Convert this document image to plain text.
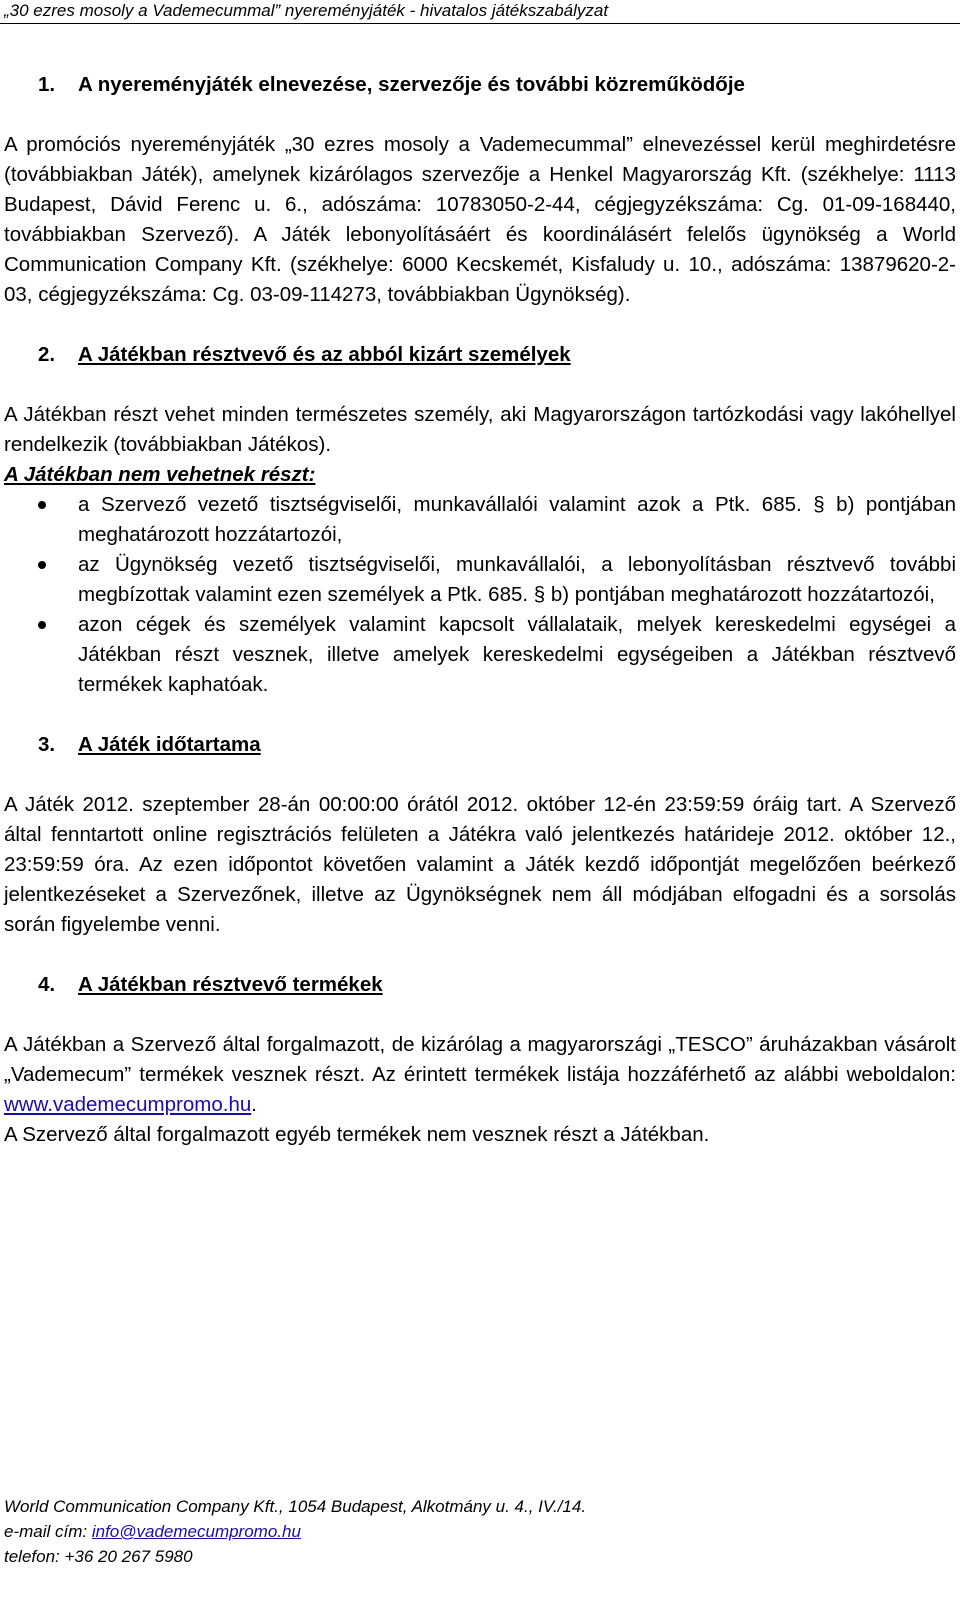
„30 ezres mosoly a Vademecummal” nyereményjáték - hivatalos játékszabályzat
1. A nyereményjáték elnevezése, szervezője és további közreműködője

A promóciós nyereményjáték „30 ezres mosoly a Vademecummal” elnevezéssel kerül meghirdetésre (továbbiakban Játék), amelynek kizárólagos szervezője a Henkel Magyarország Kft. (székhelye: 1113 Budapest, Dávid Ferenc u. 6., adószáma: 10783050-2-44, cégjegyzékszáma: Cg. 01-09-168440, továbbiakban Szervező). A Játék lebonyolításáért és koordinálásért felelős ügynökség a World Communication Company Kft. (székhelye: 6000 Kecskemét, Kisfaludy u. 10., adószáma: 13879620-2-03, cégjegyzékszáma: Cg. 03-09-114273, továbbiakban Ügynökség).

2. A Játékban résztvevő és az abból kizárt személyek

A Játékban részt vehet minden természetes személy, aki Magyarországon tartózkodási vagy lakóhellyel rendelkezik (továbbiakban Játékos).

A Játékban nem vehetnek részt:

a Szervező vezető tisztségviselői, munkavállalói valamint azok a Ptk. 685. § b) pontjában meghatározott hozzátartozói,
az Ügynökség vezető tisztségviselői, munkavállalói, a lebonyolításban résztvevő további megbízottak valamint ezen személyek a Ptk. 685. § b) pontjában meghatározott hozzátartozói,
azon cégek és személyek valamint kapcsolt vállalataik, melyek kereskedelmi egységei a Játékban részt vesznek, illetve amelyek kereskedelmi egységeiben a Játékban résztvevő termékek kaphatóak.
3. A Játék időtartama

A Játék 2012. szeptember 28-án 00:00:00 órától 2012. október 12-én 23:59:59 óráig tart. A Szervező által fenntartott online regisztrációs felületen a Játékra való jelentkezés határideje 2012. október 12., 23:59:59 óra. Az ezen időpontot követően valamint a Játék kezdő időpontját megelőzően beérkező jelentkezéseket a Szervezőnek, illetve az Ügynökségnek nem áll módjában elfogadni és a sorsolás során figyelembe venni.

4. A Játékban résztvevő termékek

A Játékban a Szervező által forgalmazott, de kizárólag a magyarországi „TESCO” áruházakban vásárolt „Vademecum” termékek vesznek részt. Az érintett termékek listája hozzáférhető az alábbi weboldalon: www.vademecumpromo.hu.

A Szervező által forgalmazott egyéb termékek nem vesznek részt a Játékban.

World Communication Company Kft., 1054 Budapest, Alkotmány u. 4., IV./14.
e-mail cím: info@vademecumpromo.hu
telefon: +36 20 267 5980
